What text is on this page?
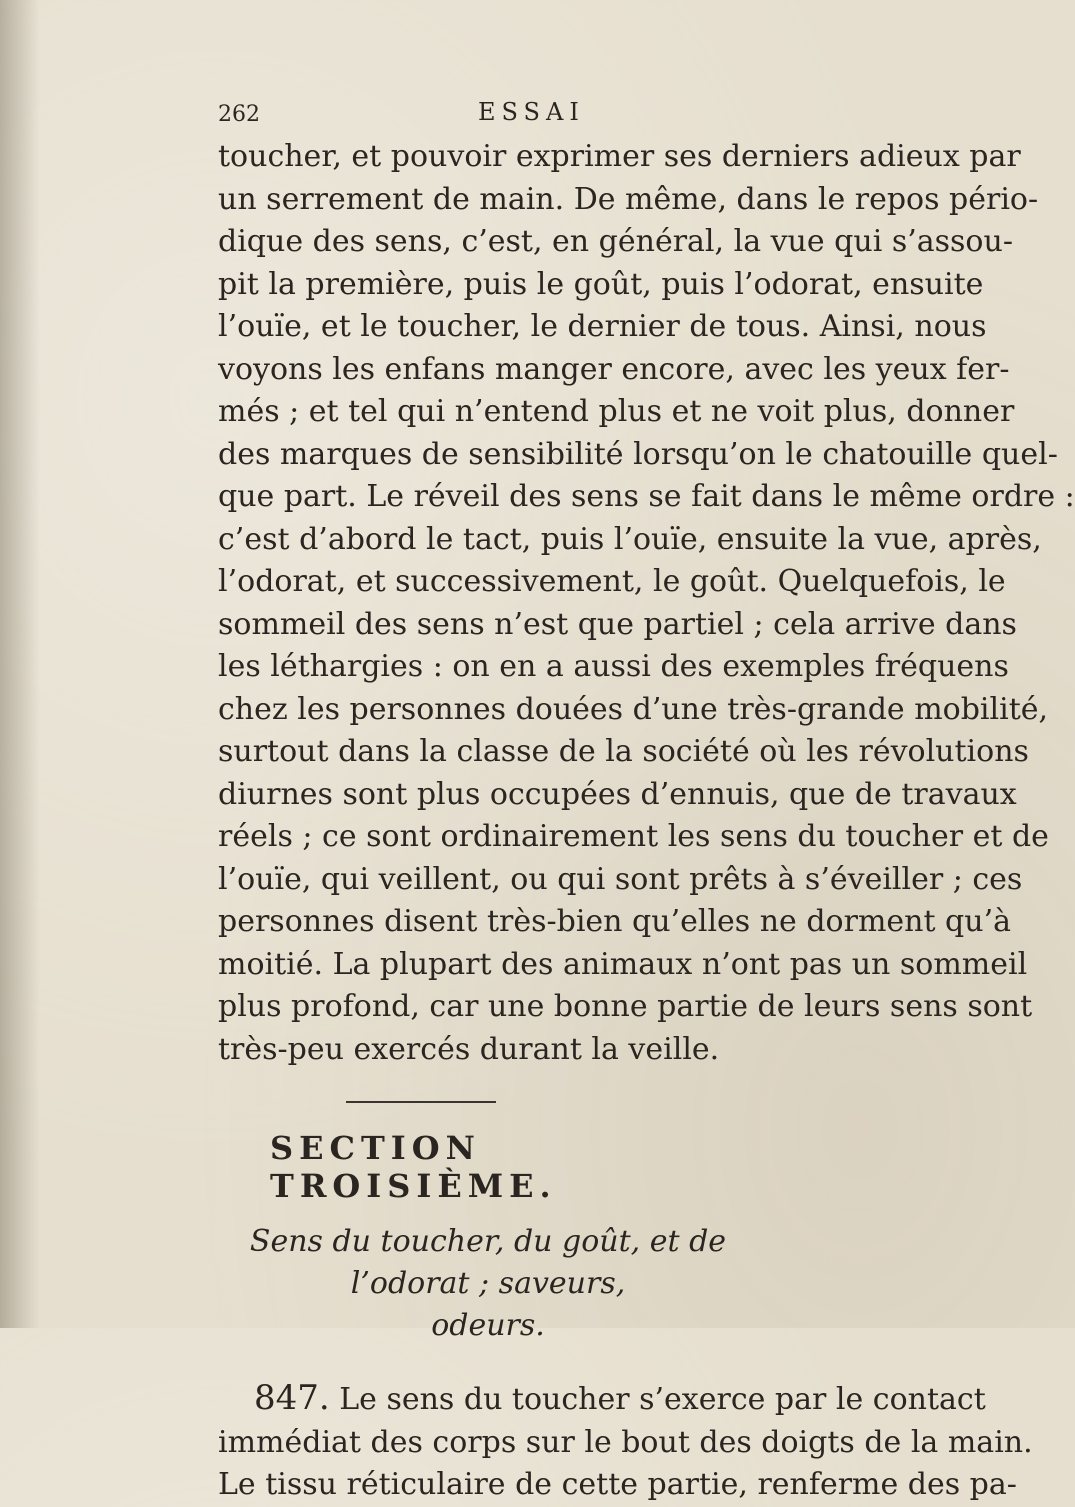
262	ESSAI

toucher, et pouvoir exprimer ses derniers adieux par
un serrement de main. De même, dans le repos pério-
dique des sens, c’est, en général, la vue qui s’assou-
pit la première, puis le goût, puis l’odorat, ensuite
l’ouïe, et le toucher, le dernier de tous. Ainsi, nous
voyons les enfans manger encore, avec les yeux fer-
més ; et tel qui n’entend plus et ne voit plus, donner
des marques de sensibilité lorsqu’on le chatouille quel-
que part. Le réveil des sens se fait dans le même ordre :
c’est d’abord le tact, puis l’ouïe, ensuite la vue, après,
l’odorat, et successivement, le goût. Quelquefois, le
sommeil des sens n’est que partiel ; cela arrive dans
les léthargies : on en a aussi des exemples fréquens
chez les personnes douées d’une très-grande mobilité,
surtout dans la classe de la société où les révolutions
diurnes sont plus occupées d’ennuis, que de travaux
réels ; ce sont ordinairement les sens du toucher et de
l’ouïe, qui veillent, ou qui sont prêts à s’éveiller ; ces
personnes disent très-bien qu’elles ne dorment qu’à
moitié. La plupart des animaux n’ont pas un sommeil
plus profond, car une bonne partie de leurs sens sont
très-peu exercés durant la veille.

SECTION TROISIÈME.
Sens du toucher, du goût, et de l’odorat ; saveurs,
odeurs.

847. Le sens du toucher s’exerce par le contact
immédiat des corps sur le bout des doigts de la main.
Le tissu réticulaire de cette partie, renferme des pa-
